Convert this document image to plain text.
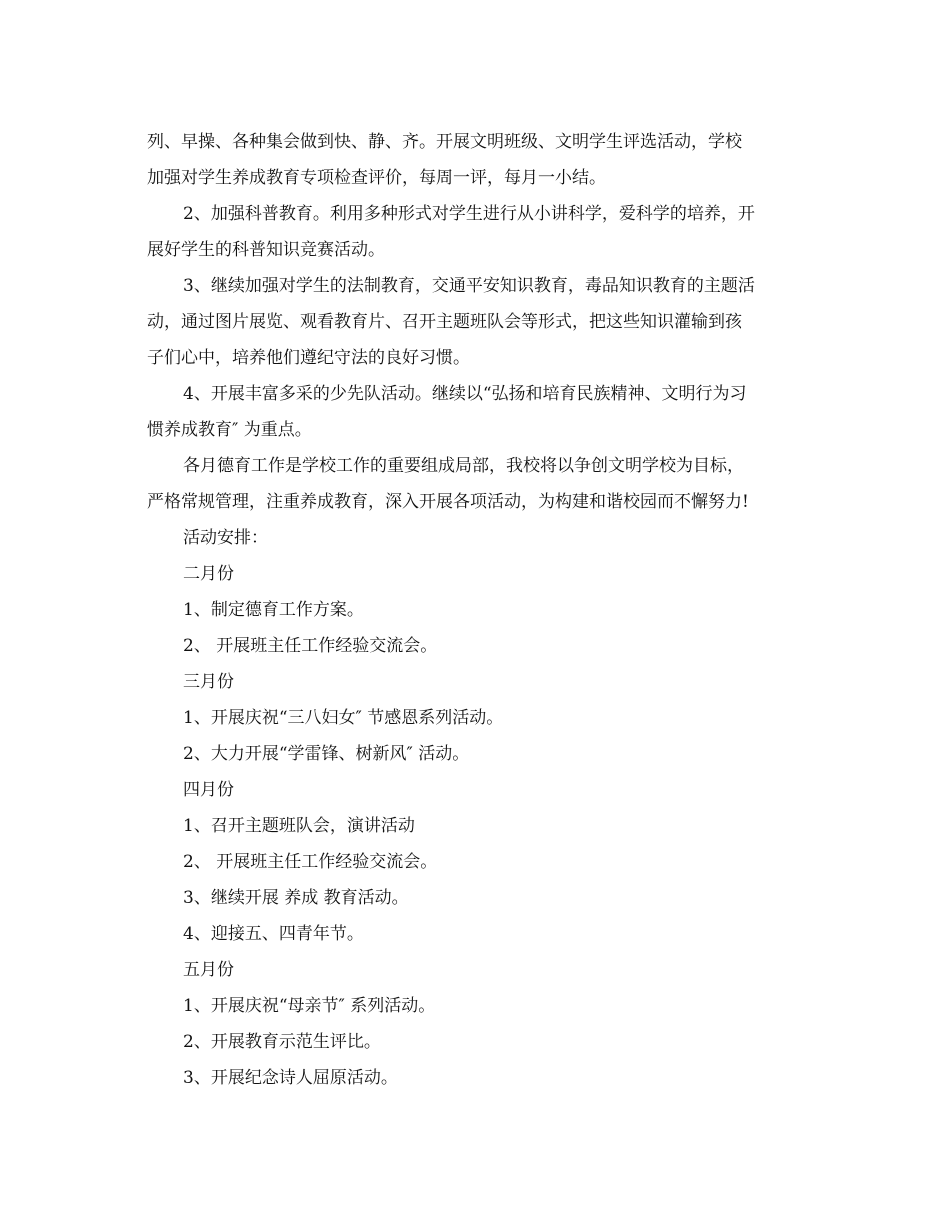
列、早操、各种集会做到快、静、齐。开展文明班级、文明学生评选活动，学校

加强对学生养成教育专项检查评价，每周一评，每月一小结。

2、加强科普教育。利用多种形式对学生进行从小讲科学，爱科学的培养，开

展好学生的科普知识竞赛活动。

3、继续加强对学生的法制教育，交通平安知识教育，毒品知识教育的主题活

动，通过图片展览、观看教育片、召开主题班队会等形式，把这些知识灌输到孩

子们心中，培养他们遵纪守法的良好习惯。

4、开展丰富多采的少先队活动。继续以“弘扬和培育民族精神、文明行为习

惯养成教育″ 为重点。

各月德育工作是学校工作的重要组成局部，我校将以争创文明学校为目标，

严格常规管理，注重养成教育，深入开展各项活动，为构建和谐校园而不懈努力!

活动安排：

二月份

1、制定德育工作方案。

2、 开展班主任工作经验交流会。

三月份

1、开展庆祝“三八妇女″ 节感恩系列活动。

2、大力开展“学雷锋、树新风″ 活动。

四月份

1、召开主题班队会，演讲活动

2、 开展班主任工作经验交流会。

3、继续开展 养成 教育活动。

4、迎接五、四青年节。

五月份

1、开展庆祝“母亲节″ 系列活动。

2、开展教育示范生评比。

3、开展纪念诗人屈原活动。
